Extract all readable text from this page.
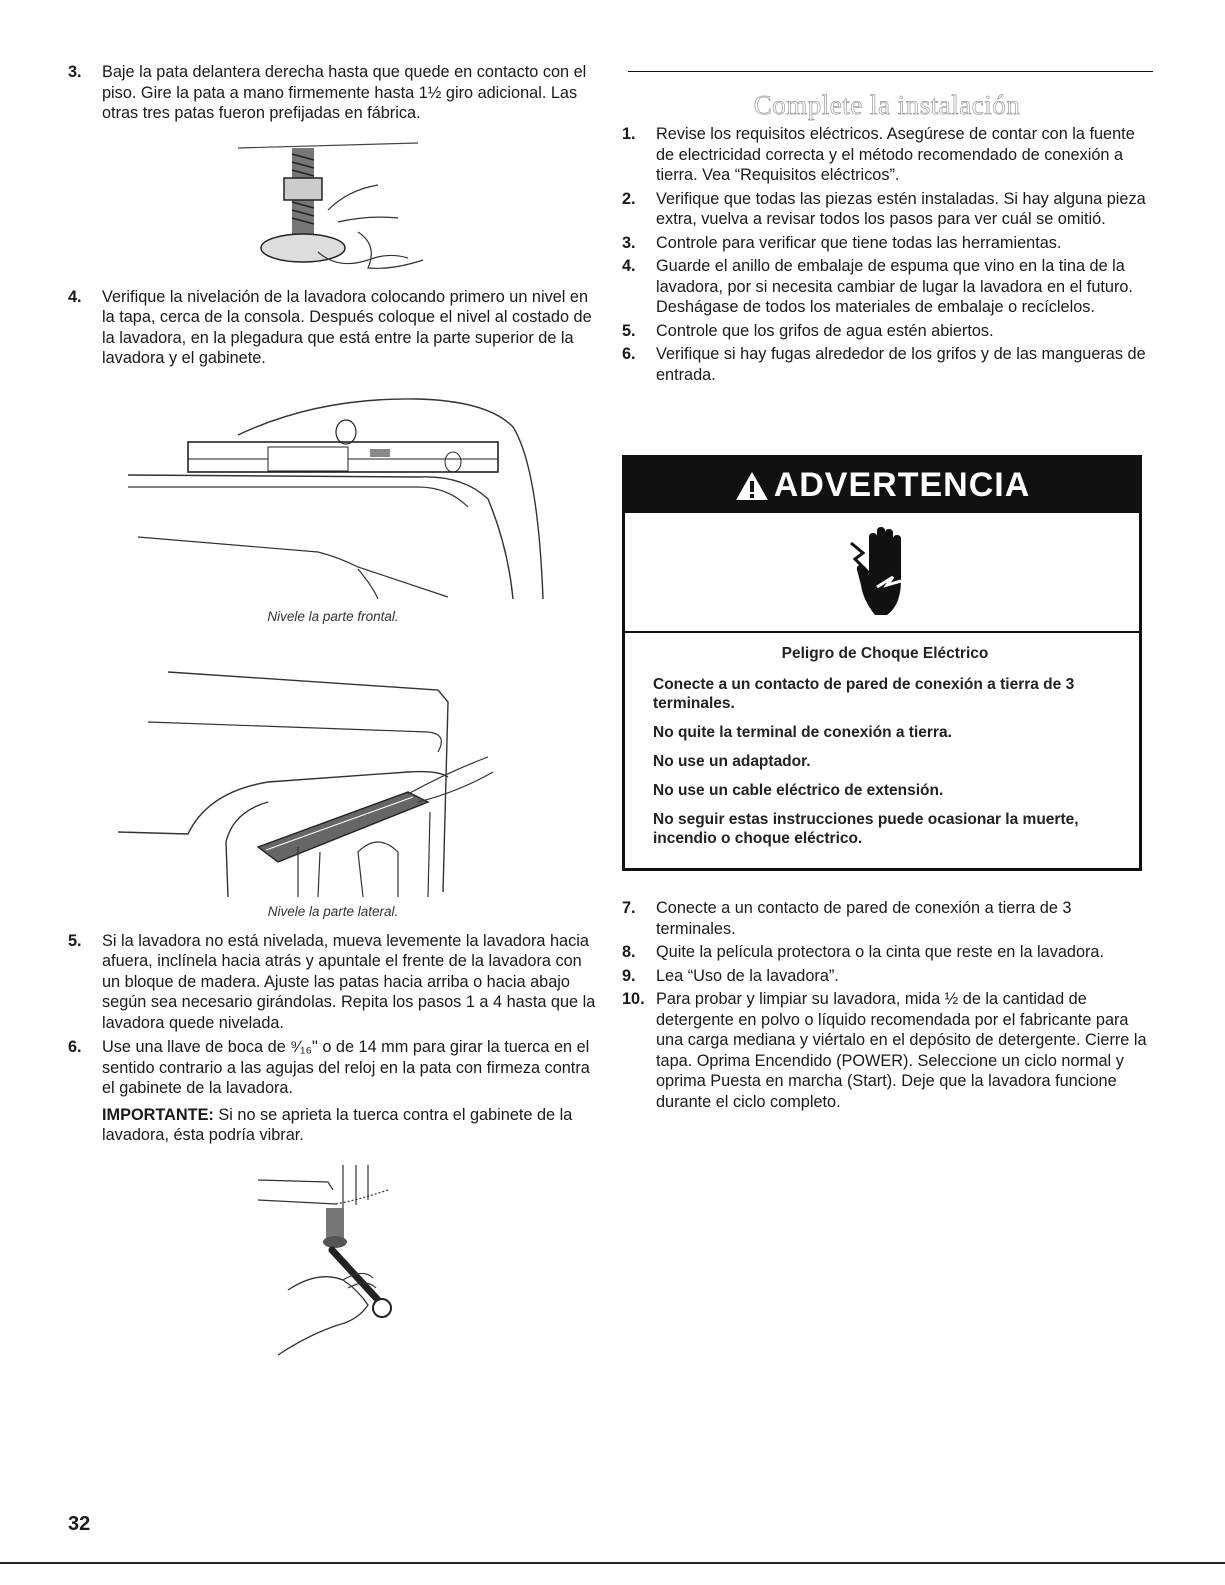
3.	Baje la pata delantera derecha hasta que quede en contacto con el piso. Gire la pata a mano firmemente hasta 1½ giro adicional. Las otras tres patas fueron prefijadas en fábrica.
4.	Verifique la nivelación de la lavadora colocando primero un nivel en la tapa, cerca de la consola. Después coloque el nivel al costado de la lavadora, en la plegadura que está entre la parte superior de la lavadora y el gabinete.
Nivele la parte frontal.
Nivele la parte lateral.
5.	Si la lavadora no está nivelada, mueva levemente la lavadora hacia afuera, inclínela hacia atrás y apuntale el frente de la lavadora con un bloque de madera. Ajuste las patas hacia arriba o hacia abajo según sea necesario girándolas. Repita los pasos 1 a 4 hasta que la lavadora quede nivelada.
6.	Use una llave de boca de ⁹⁄₁₆" o de 14 mm para girar la tuerca en el sentido contrario a las agujas del reloj en la pata con firmeza contra el gabinete de la lavadora.
IMPORTANTE: Si no se aprieta la tuerca contra el gabinete de la lavadora, ésta podría vibrar.
Complete la instalación
1.	Revise los requisitos eléctricos. Asegúrese de contar con la fuente de electricidad correcta y el método recomendado de conexión a tierra. Vea “Requisitos eléctricos”.
2.	Verifique que todas las piezas estén instaladas. Si hay alguna pieza extra, vuelva a revisar todos los pasos para ver cuál se omitió.
3.	Controle para verificar que tiene todas las herramientas.
4.	Guarde el anillo de embalaje de espuma que vino en la tina de la lavadora, por si necesita cambiar de lugar la lavadora en el futuro. Deshágase de todos los materiales de embalaje o recíclelos.
5.	Controle que los grifos de agua estén abiertos.
6.	Verifique si hay fugas alrededor de los grifos y de las mangueras de entrada.
ADVERTENCIA
Peligro de Choque Eléctrico
Conecte a un contacto de pared de conexión a tierra de 3 terminales.
No quite la terminal de conexión a tierra.
No use un adaptador.
No use un cable eléctrico de extensión.
No seguir estas instrucciones puede ocasionar la muerte, incendio o choque eléctrico.
7.	Conecte a un contacto de pared de conexión a tierra de 3 terminales.
8.	Quite la película protectora o la cinta que reste en la lavadora.
9.	Lea “Uso de la lavadora”.
10. Para probar y limpiar su lavadora, mida ½ de la cantidad de detergente en polvo o líquido recomendada por el fabricante para una carga mediana y viértalo en el depósito de detergente. Cierre la tapa. Oprima Encendido (POWER). Seleccione un ciclo normal y oprima Puesta en marcha (Start). Deje que la lavadora funcione durante el ciclo completo.
32
